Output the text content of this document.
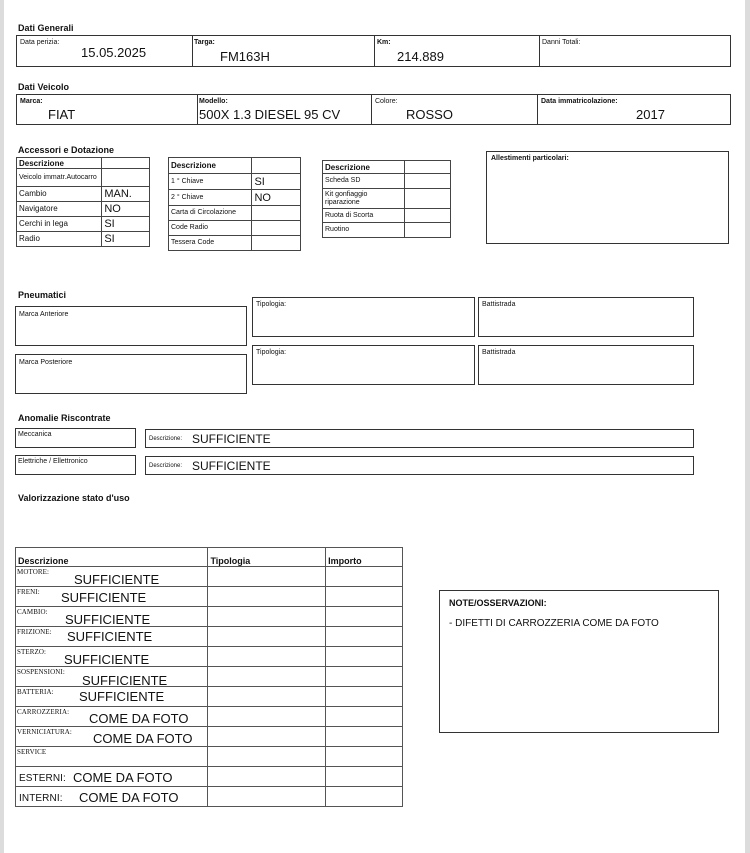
Dati Generali
Data perizia:
15.05.2025
Targa:
FM163H
Km:
214.889
Danni Totali:
Dati Veicolo
Marca:
FIAT
Modello:
500X 1.3 DIESEL 95 CV
Colore:
ROSSO
Data immatricolazione:
2017
Accessori e Dotazione
Descrizione	
Veicolo immatr.Autocarro	
Cambio	MAN.
Navigatore	NO
Cerchi in lega	SI
Radio	SI
Descrizione	
1 ° Chiave	SI
2 ° Chiave	NO
Carta di Circolazione	
Code Radio	
Tessera Code	
Descrizione	
Scheda SD	
Kit gonfiaggio riparazione	
Ruota di Scorta	
Ruotino	
Allestimenti particolari:
Pneumatici
Marca Anteriore
Tipologia:	Battistrada
Marca Posteriore
Tipologia:	Battistrada
Anomalie Riscontrate
Meccanica
Descrizione: SUFFICIENTE
Elettriche / Ellettronico
Descrizione: SUFFICIENTE
Valorizzazione stato d'uso
Descrizione	Tipologia	Importo

MOTORE: SUFFICIENTE		

FRENI: SUFFICIENTE		

CAMBIO: SUFFICIENTE		

FRIZIONE: SUFFICIENTE		

STERZO: SUFFICIENTE		

SOSPENSIONI:
SUFFICIENTE		

BATTERIA: SUFFICIENTE		

CARROZZERIA: COME DA FOTO		

VERNICIATURA: COME DA FOTO		

SERVICE		

ESTERNI: COME DA FOTO		

INTERNI: COME DA FOTO		

NOTE/OSSERVAZIONI:
- DIFETTI DI CARROZZERIA COME DA FOTO
